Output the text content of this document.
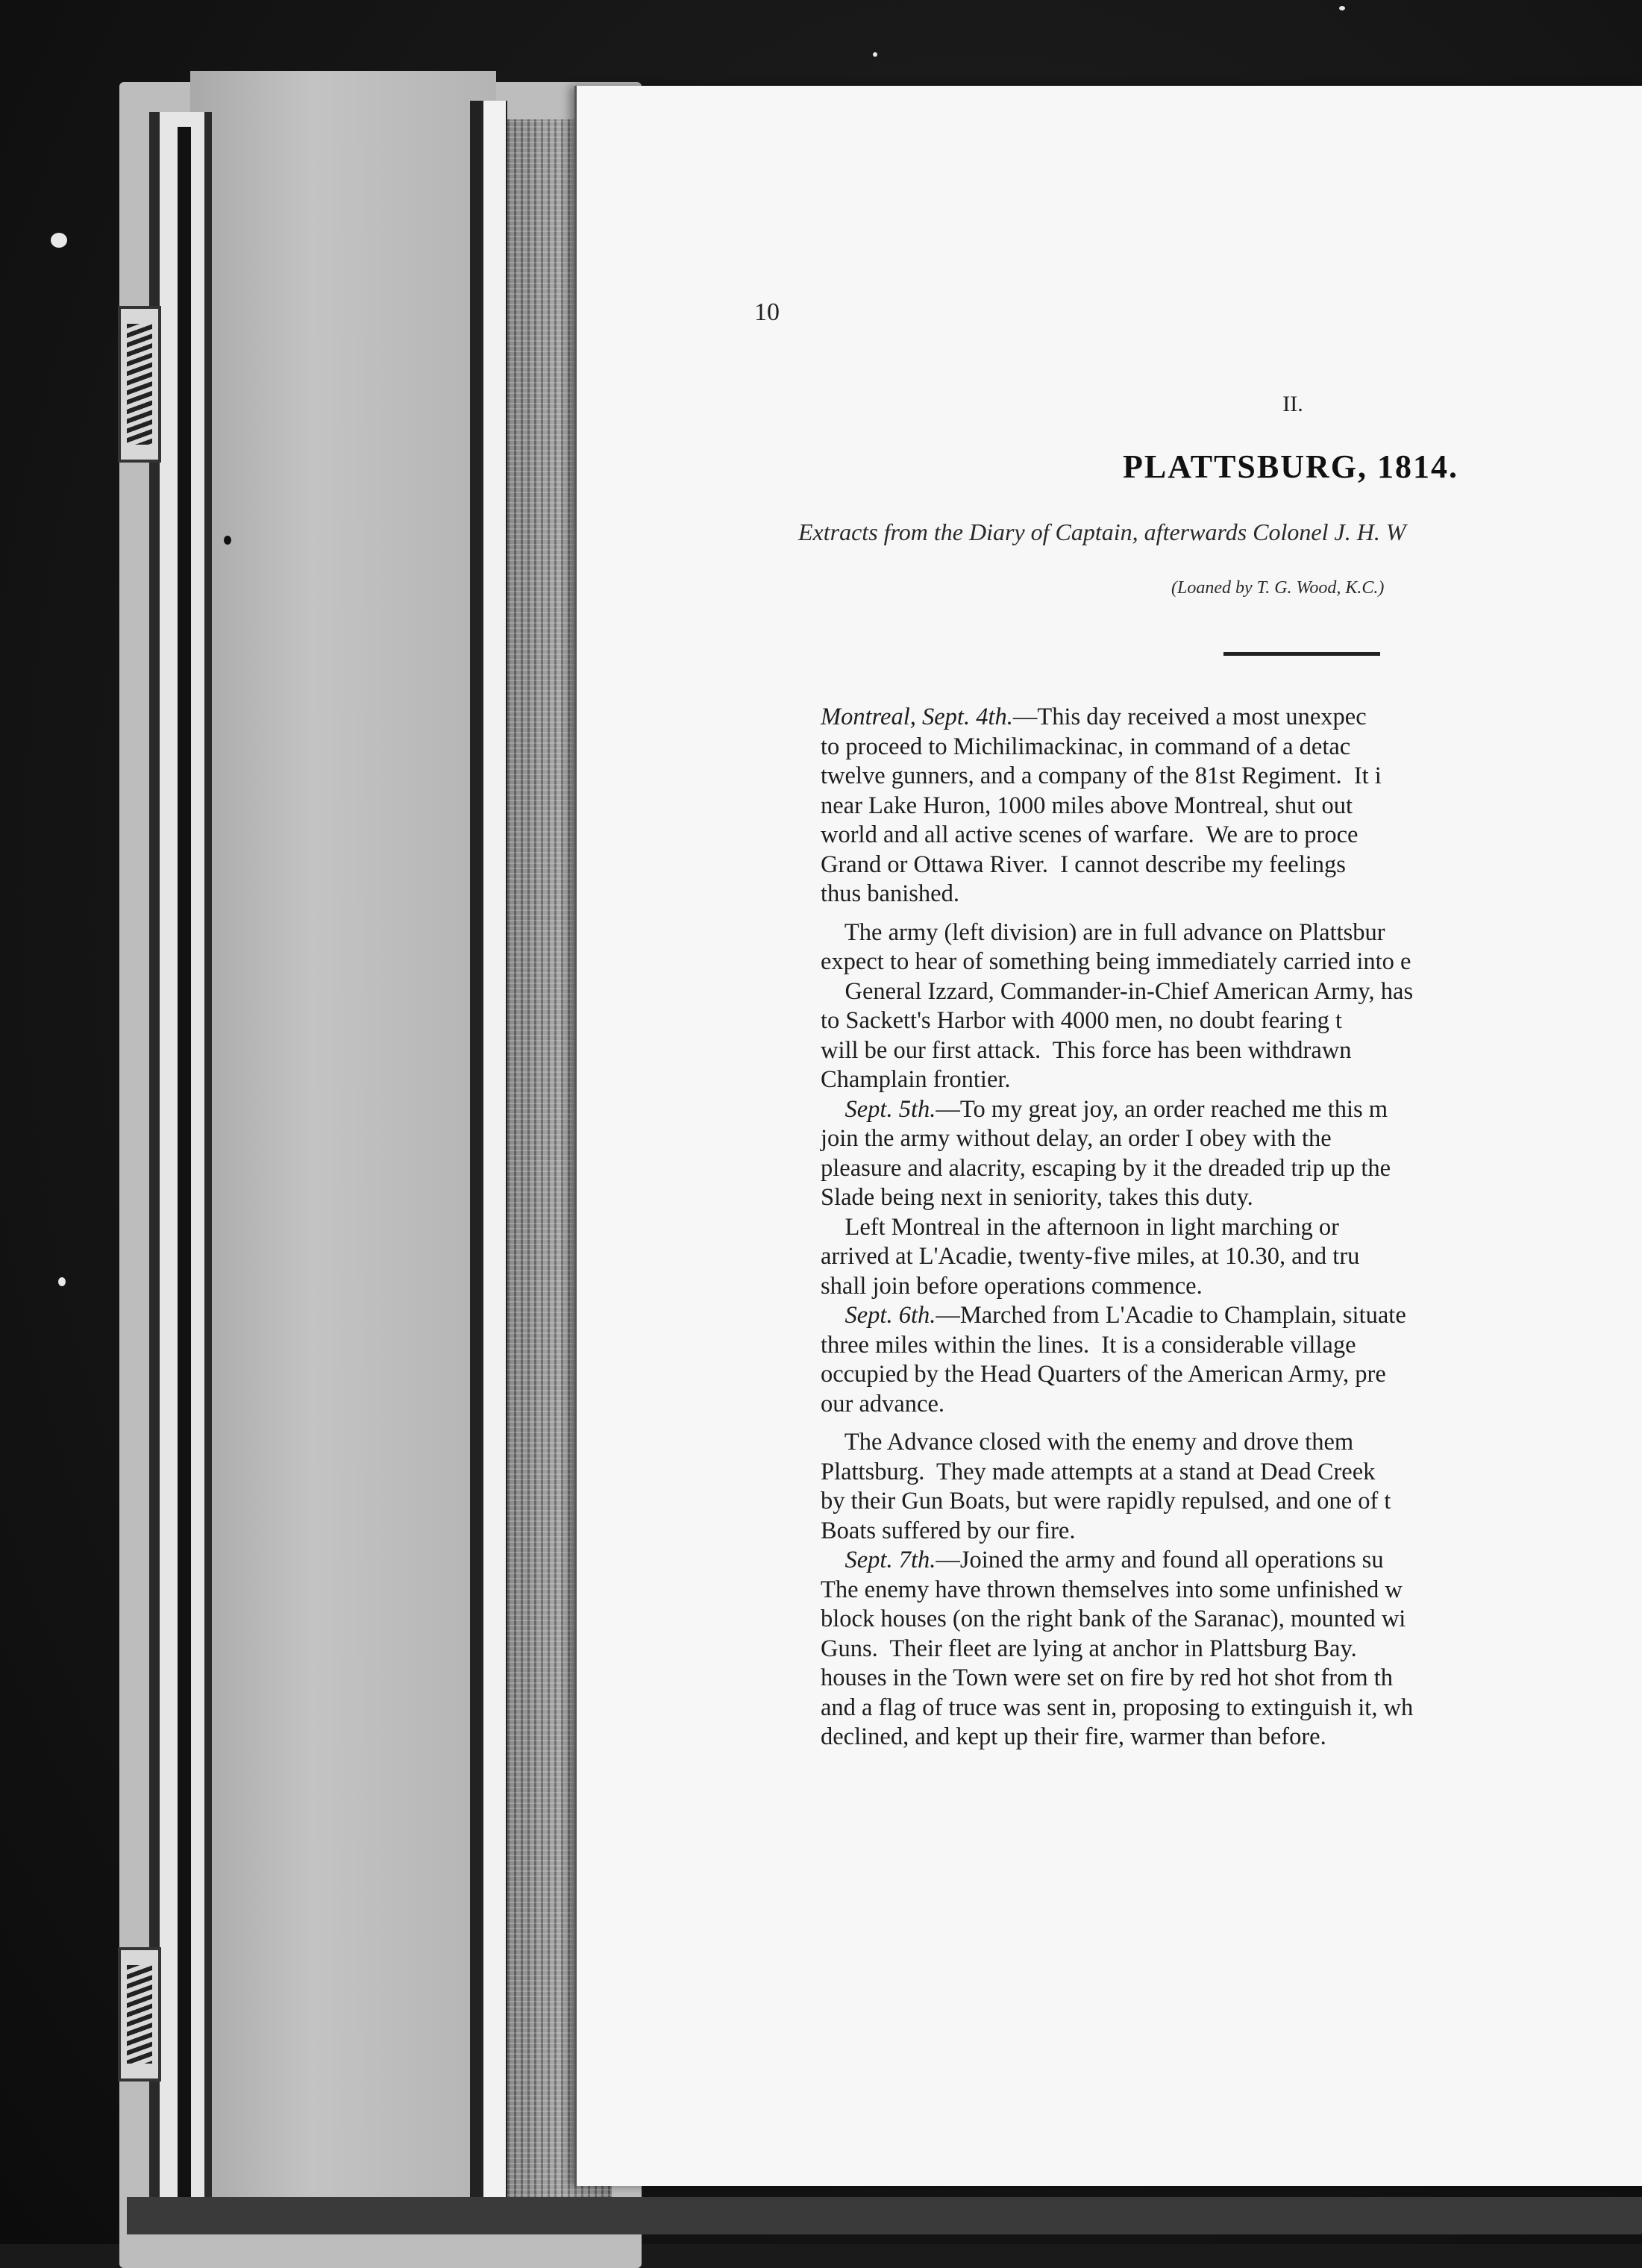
10
II.
PLATTSBURG, 1814.
Extracts from the Diary of Captain, afterwards Colonel J. H. W
(Loaned by T. G. Wood, K.C.)
Montreal, Sept. 4th.—This day received a most unexpec
to proceed to Michilimackinac, in command of a detac
twelve gunners, and a company of the 81st Regiment.  It i
near Lake Huron, 1000 miles above Montreal, shut out
world and all active scenes of warfare.  We are to proce
Grand or Ottawa River.  I cannot describe my feelings
thus banished.
The army (left division) are in full advance on Plattsbur
expect to hear of something being immediately carried into e
General Izzard, Commander-in-Chief American Army, has
to Sackett's Harbor with 4000 men, no doubt fearing t
will be our first attack.  This force has been withdrawn
Champlain frontier.
Sept. 5th.—To my great joy, an order reached me this m
join the army without delay, an order I obey with the
pleasure and alacrity, escaping by it the dreaded trip up the
Slade being next in seniority, takes this duty.
Left Montreal in the afternoon in light marching or
arrived at L'Acadie, twenty-five miles, at 10.30, and tru
shall join before operations commence.
Sept. 6th.—Marched from L'Acadie to Champlain, situate
three miles within the lines.  It is a considerable village
occupied by the Head Quarters of the American Army, pre
our advance.
The Advance closed with the enemy and drove them
Plattsburg.  They made attempts at a stand at Dead Creek
by their Gun Boats, but were rapidly repulsed, and one of t
Boats suffered by our fire.
Sept. 7th.—Joined the army and found all operations su
The enemy have thrown themselves into some unfinished w
block houses (on the right bank of the Saranac), mounted wi
Guns.  Their fleet are lying at anchor in Plattsburg Bay.
houses in the Town were set on fire by red hot shot from th
and a flag of truce was sent in, proposing to extinguish it, wh
declined, and kept up their fire, warmer than before.
